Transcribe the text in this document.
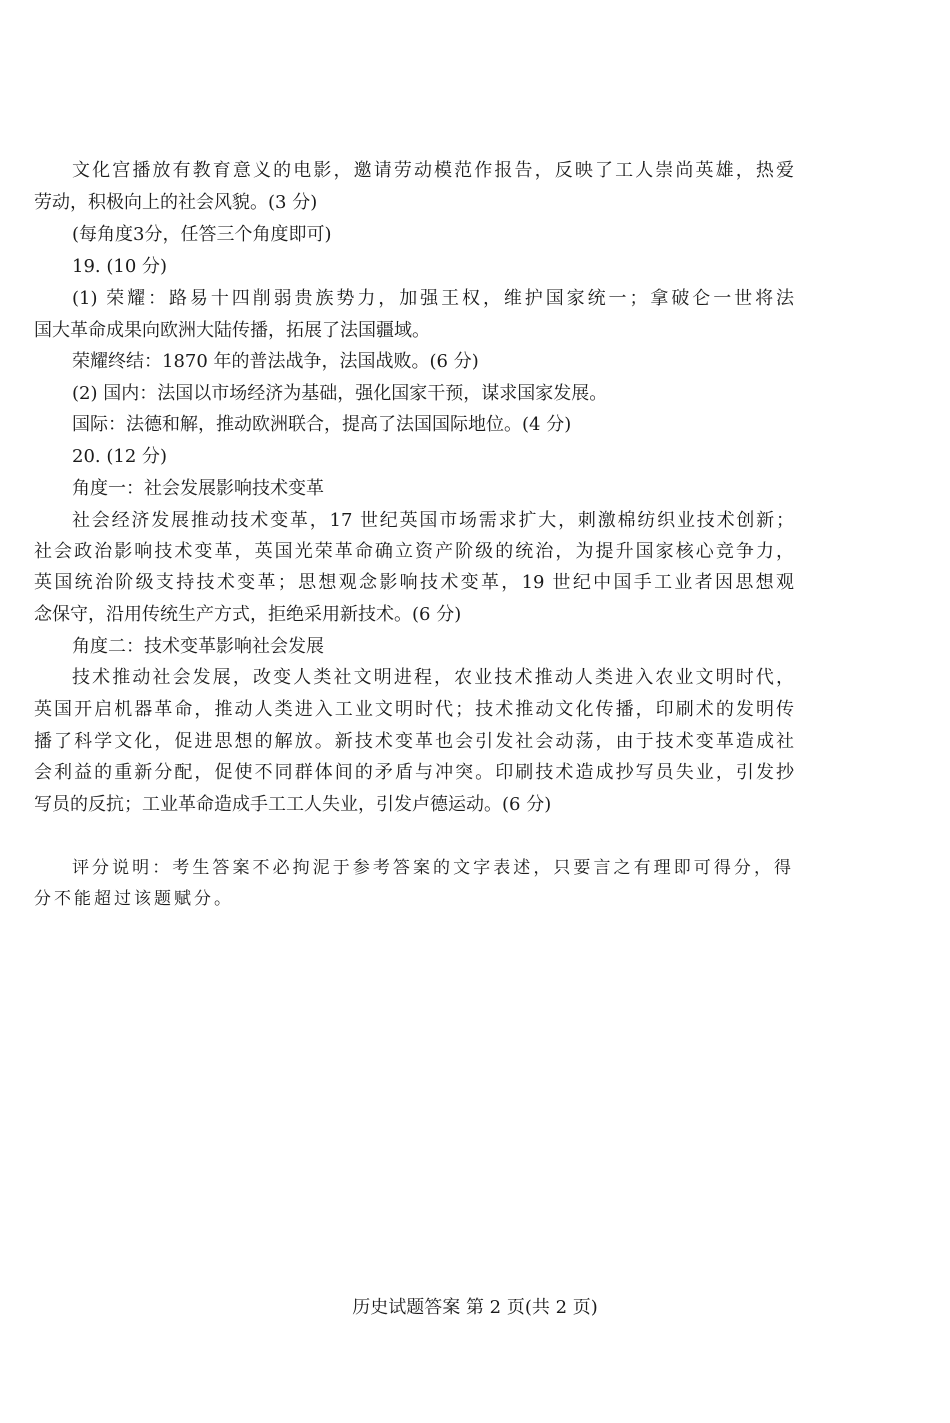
文化宫播放有教育意义的电影，邀请劳动模范作报告，反映了工人崇尚英雄，热爱
劳动，积极向上的社会风貌。(3 分)
(每角度3分，任答三个角度即可)
19. (10 分)
(1) 荣耀：路易十四削弱贵族势力，加强王权，维护国家统一；拿破仑一世将法
国大革命成果向欧洲大陆传播，拓展了法国疆域。
荣耀终结：1870 年的普法战争，法国战败。(6 分)
(2) 国内：法国以市场经济为基础，强化国家干预，谋求国家发展。
国际：法德和解，推动欧洲联合，提高了法国国际地位。(4 分)
20. (12 分)
角度一：社会发展影响技术变革
社会经济发展推动技术变革，17 世纪英国市场需求扩大，刺激棉纺织业技术创新；
社会政治影响技术变革，英国光荣革命确立资产阶级的统治，为提升国家核心竞争力，
英国统治阶级支持技术变革；思想观念影响技术变革，19 世纪中国手工业者因思想观
念保守，沿用传统生产方式，拒绝采用新技术。(6 分)
角度二：技术变革影响社会发展
技术推动社会发展，改变人类社文明进程，农业技术推动人类进入农业文明时代，
英国开启机器革命，推动人类进入工业文明时代；技术推动文化传播，印刷术的发明传
播了科学文化，促进思想的解放。新技术变革也会引发社会动荡，由于技术变革造成社
会利益的重新分配，促使不同群体间的矛盾与冲突。印刷技术造成抄写员失业，引发抄
写员的反抗；工业革命造成手工工人失业，引发卢德运动。(6 分)
评分说明：考生答案不必拘泥于参考答案的文字表述，只要言之有理即可得分，得
分不能超过该题赋分。
历史试题答案 第 2 页(共 2 页)
